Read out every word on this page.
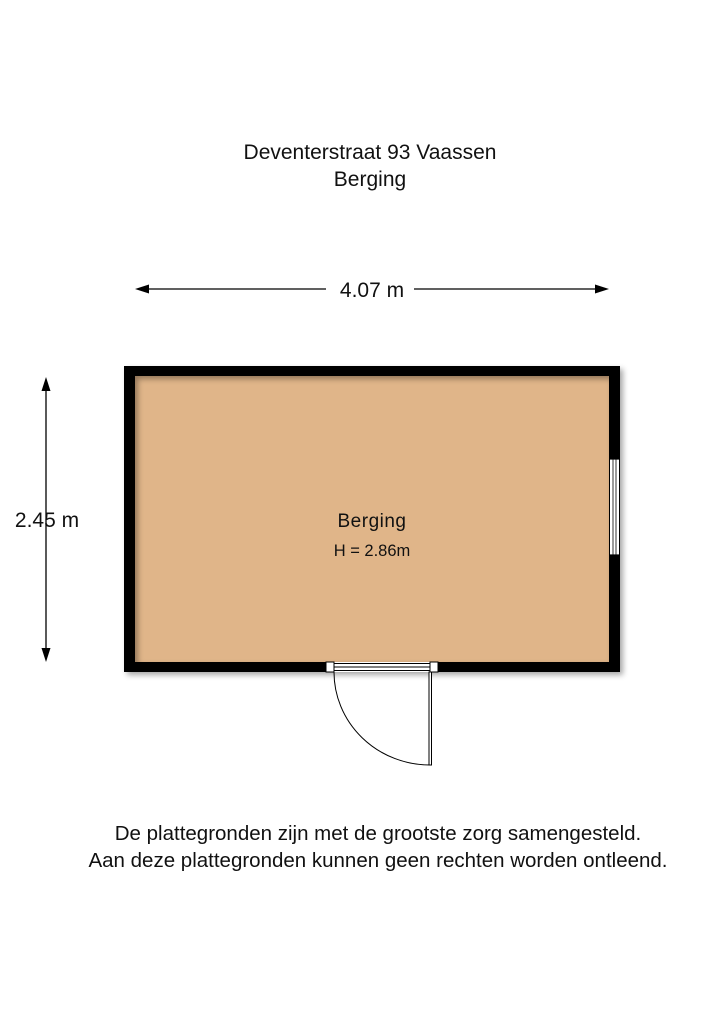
Deventerstraat 93 Vaassen
Berging
4.07 m
2.45 m	Berging
H = 2.86m
De plattegronden zijn met de grootste zorg samengesteld.
Aan deze plattegronden kunnen geen rechten worden ontleend.
